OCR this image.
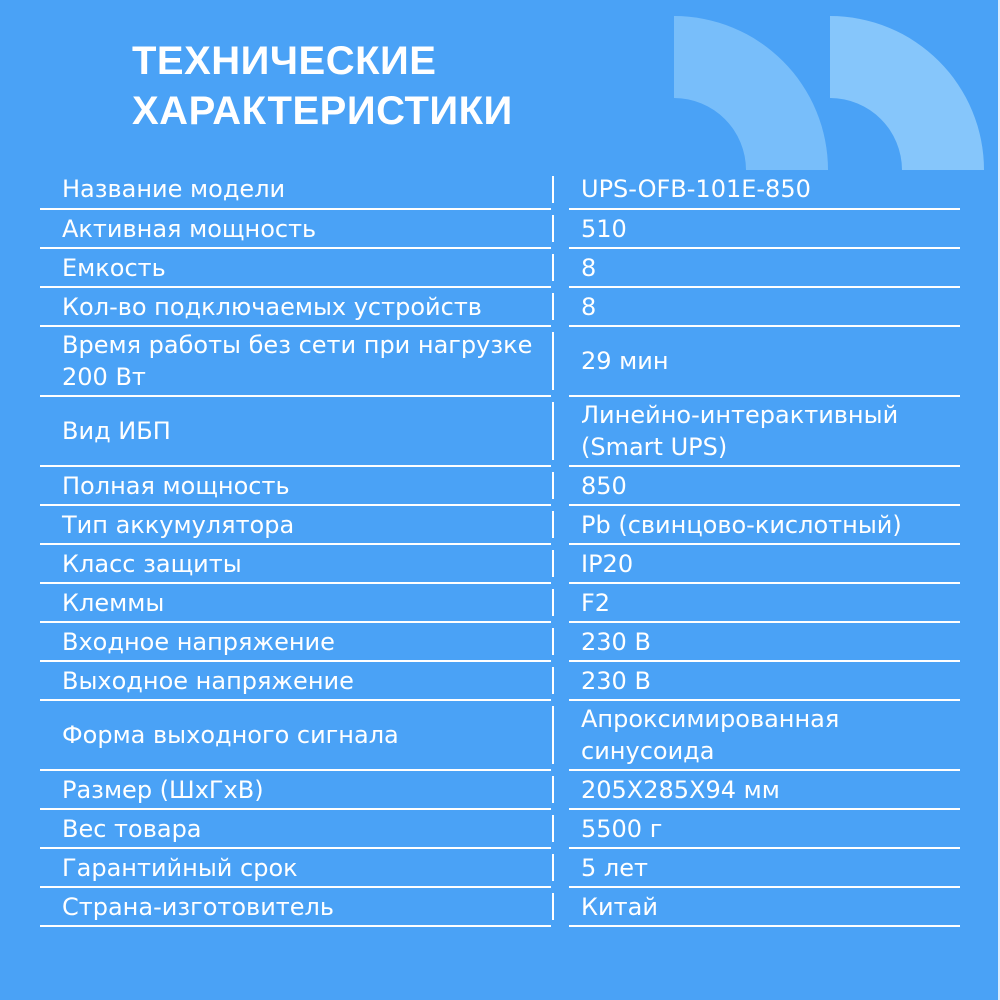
ТЕХНИЧЕСКИЕ
ХАРАКТЕРИСТИКИ
Название модели		UPS-OFB-101E-850

Активная мощность		510

Емкость		8

Кол-во подключаемых устройств		8

Время работы без сети при нагрузке 200 Вт		29 мин

Вид ИБП		Линейно-интерактивный (Smart UPS)

Полная мощность		850

Тип аккумулятора		Pb (свинцово-кислотный)

Класс защиты		IP20

Клеммы		F2

Входное напряжение		230 В

Выходное напряжение		230 В

Форма выходного сигнала		Апроксимированная синусоида

Размер (ШхГхВ)		205Х285Х94 мм

Вес товара		5500 г

Гарантийный срок		5 лет

Страна-изготовитель		Китай
